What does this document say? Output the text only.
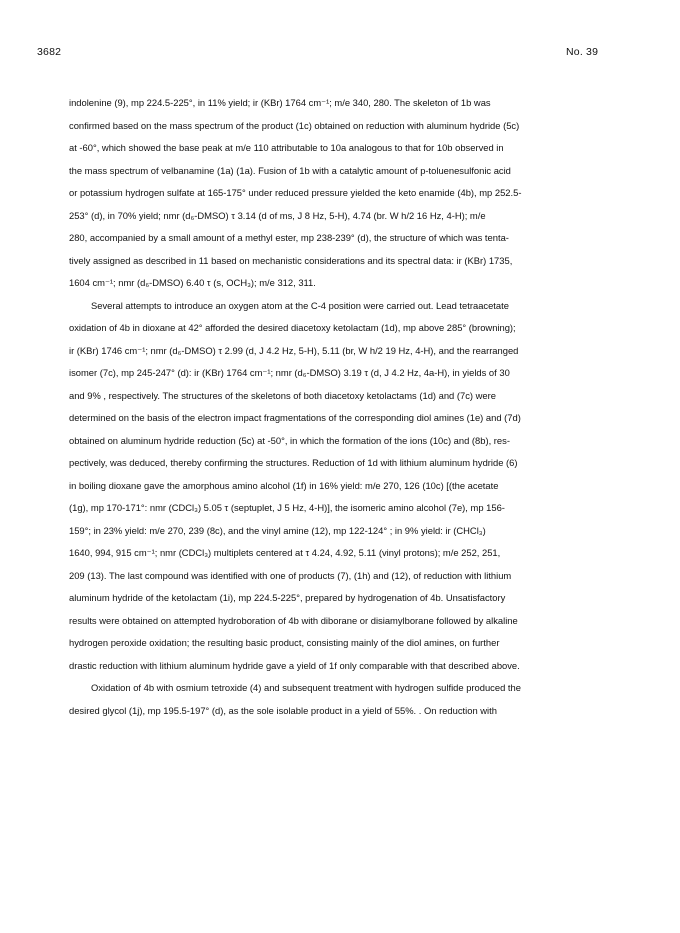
3682	No. 39
indolenine (9), mp 224.5-225°, in 11% yield; ir (KBr) 1764 cm⁻¹; m/e 340, 280. The skeleton of 1b was
confirmed based on the mass spectrum of the product (1c) obtained on reduction with aluminum hydride (5c)
at -60°, which showed the base peak at m/e 110 attributable to 10a analogous to that for 10b observed in
the mass spectrum of velbanamine (1a) (1a). Fusion of 1b with a catalytic amount of p-toluenesulfonic acid
or potassium hydrogen sulfate at 165-175° under reduced pressure yielded the keto enamide (4b), mp 252.5-
253° (d), in 70% yield; nmr (d₆-DMSO) τ 3.14 (d of ms, J 8 Hz, 5-H), 4.74 (br. W h/2 16 Hz, 4-H); m/e
280, accompanied by a small amount of a methyl ester, mp 238-239° (d), the structure of which was tenta-
tively assigned as described in 11 based on mechanistic considerations and its spectral data: ir (KBr) 1735,
1604 cm⁻¹; nmr (d₆-DMSO) 6.40 τ (s, OCH₃); m/e 312, 311.
Several attempts to introduce an oxygen atom at the C-4 position were carried out. Lead tetraacetate
oxidation of 4b in dioxane at 42° afforded the desired diacetoxy ketolactam (1d), mp above 285° (browning);
ir (KBr) 1746 cm⁻¹; nmr (d₆-DMSO) τ 2.99 (d, J 4.2 Hz, 5-H), 5.11 (br, W h/2 19 Hz, 4-H), and the rearranged
isomer (7c), mp 245-247° (d): ir (KBr) 1764 cm⁻¹; nmr (d₆-DMSO) 3.19 τ (d, J 4.2 Hz, 4a-H), in yields of 30
and 9% , respectively. The structures of the skeletons of both diacetoxy ketolactams (1d) and (7c) were
determined on the basis of the electron impact fragmentations of the corresponding diol amines (1e) and (7d)
obtained on aluminum hydride reduction (5c) at -50°, in which the formation of the ions (10c) and (8b), res-
pectively, was deduced, thereby confirming the structures. Reduction of 1d with lithium aluminum hydride (6)
in boiling dioxane gave the amorphous amino alcohol (1f) in 16% yield: m/e 270, 126 (10c) [(the acetate
(1g), mp 170-171°: nmr (CDCl₃) 5.05 τ (septuplet, J 5 Hz, 4-H)], the isomeric amino alcohol (7e), mp 156-
159°; in 23% yield: m/e 270, 239 (8c), and the vinyl amine (12), mp 122-124° ; in 9% yield: ir (CHCl₃)
1640, 994, 915 cm⁻¹; nmr (CDCl₃) multiplets centered at τ 4.24, 4.92, 5.11 (vinyl protons); m/e 252, 251,
209 (13). The last compound was identified with one of products (7), (1h) and (12), of reduction with lithium
aluminum hydride of the ketolactam (1i), mp 224.5-225°, prepared by hydrogenation of 4b. Unsatisfactory
results were obtained on attempted hydroboration of 4b with diborane or disiamylborane followed by alkaline
hydrogen peroxide oxidation; the resulting basic product, consisting mainly of the diol amines, on further
drastic reduction with lithium aluminum hydride gave a yield of 1f only comparable with that described above.
Oxidation of 4b with osmium tetroxide (4) and subsequent treatment with hydrogen sulfide produced the
desired glycol (1j), mp 195.5-197° (d), as the sole isolable product in a yield of 55%. . On reduction with
